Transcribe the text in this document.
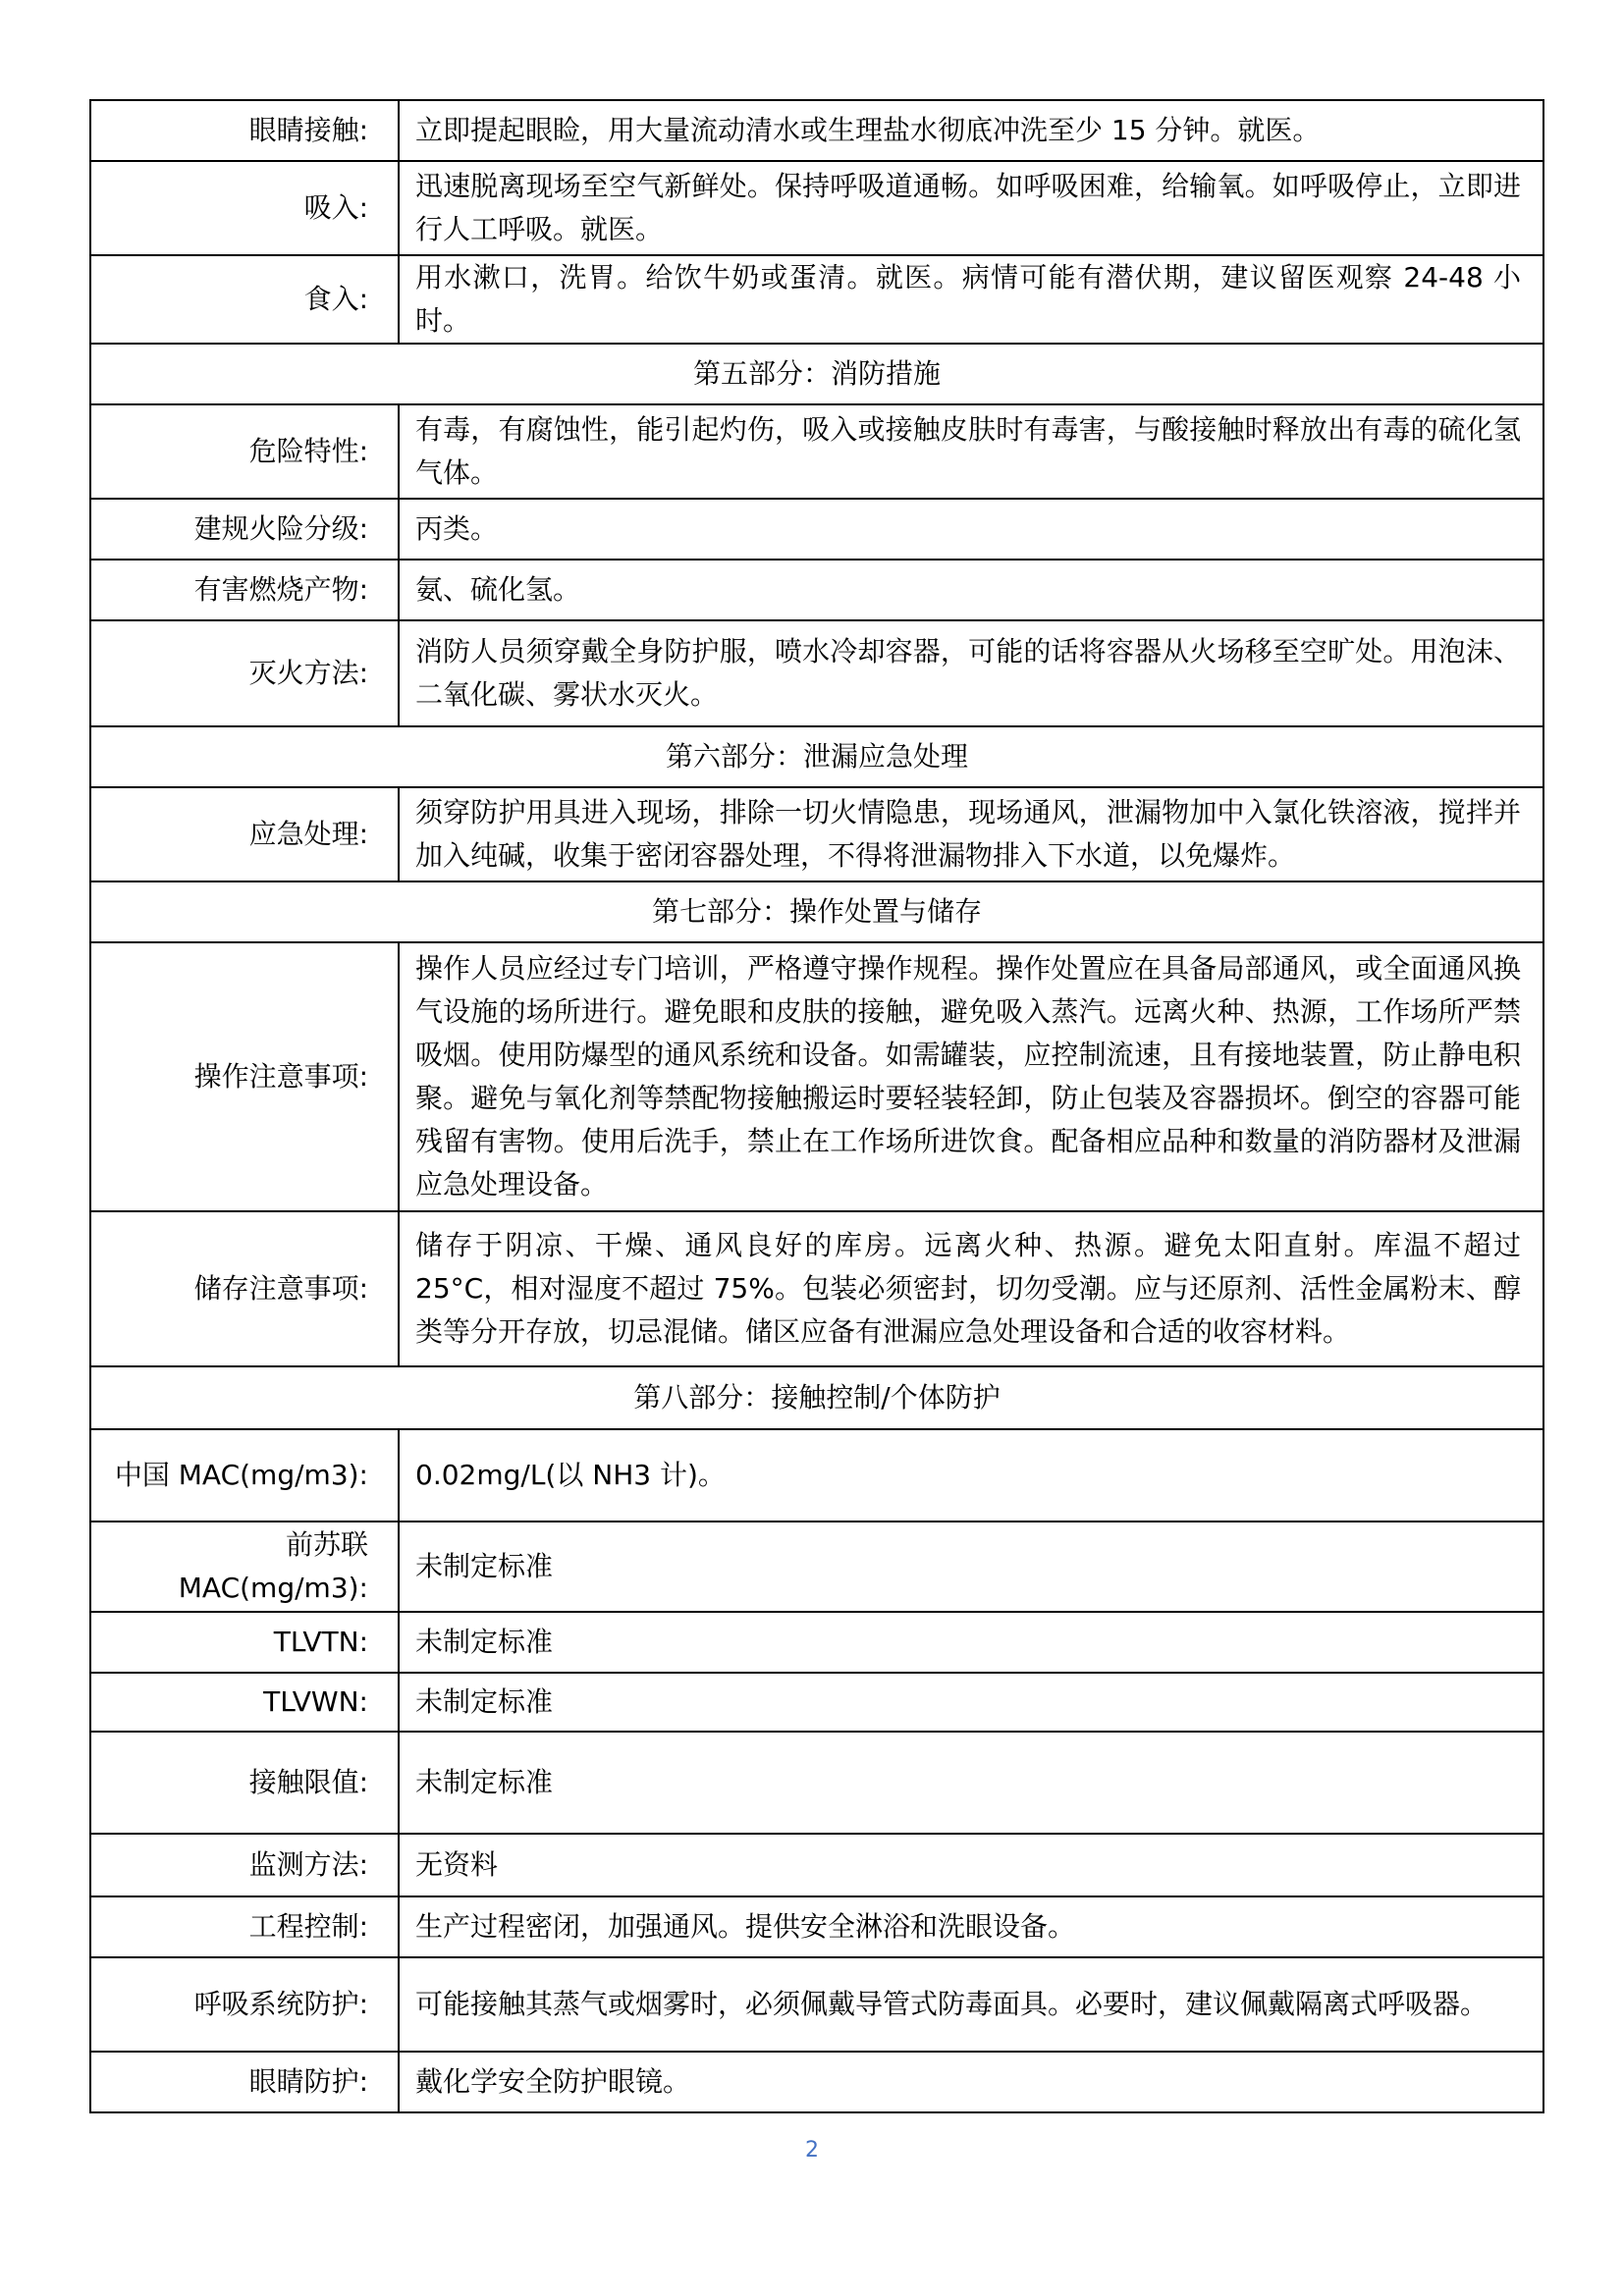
眼睛接触:	立即提起眼睑，用大量流动清水或生理盐水彻底冲洗至少 15 分钟。就医。
吸入:	迅速脱离现场至空气新鲜处。保持呼吸道通畅。如呼吸困难，给输氧。如呼吸停止，立即进行人工呼吸。就医。
食入:	用水漱口，洗胃。给饮牛奶或蛋清。就医。病情可能有潜伏期，建议留医观察 24-48 小时。
第五部分：消防措施	
危险特性:	有毒，有腐蚀性，能引起灼伤，吸入或接触皮肤时有毒害，与酸接触时释放出有毒的硫化氢气体。
建规火险分级:	丙类。
有害燃烧产物:	氨、硫化氢。
灭火方法:	消防人员须穿戴全身防护服，喷水冷却容器，可能的话将容器从火场移至空旷处。用泡沫、二氧化碳、雾状水灭火。
第六部分：泄漏应急处理	
应急处理:	须穿防护用具进入现场，排除一切火情隐患，现场通风，泄漏物加中入氯化铁溶液，搅拌并加入纯碱，收集于密闭容器处理，不得将泄漏物排入下水道，以免爆炸。
第七部分：操作处置与储存	
操作注意事项:	操作人员应经过专门培训，严格遵守操作规程。操作处置应在具备局部通风，或全面通风换气设施的场所进行。避免眼和皮肤的接触，避免吸入蒸汽。远离火种、热源，工作场所严禁吸烟。使用防爆型的通风系统和设备。如需罐装，应控制流速，且有接地装置，防止静电积聚。避免与氧化剂等禁配物接触搬运时要轻装轻卸，防止包装及容器损坏。倒空的容器可能残留有害物。使用后洗手，禁止在工作场所进饮食。配备相应品种和数量的消防器材及泄漏应急处理设备。
储存注意事项:	储存于阴凉、干燥、通风良好的库房。远离火种、热源。避免太阳直射。库温不超过 25°C，相对湿度不超过 75%。包装必须密封，切勿受潮。应与还原剂、活性金属粉末、醇类等分开存放，切忌混储。储区应备有泄漏应急处理设备和合适的收容材料。
第八部分：接触控制/个体防护	
中国 MAC(mg/m3):	0.02mg/L(以 NH3 计)。
前苏联 MAC(mg/m3):	未制定标准
TLVTN:	未制定标准
TLVWN:	未制定标准
接触限值:	未制定标准
监测方法:	无资料
工程控制:	生产过程密闭，加强通风。提供安全淋浴和洗眼设备。
呼吸系统防护:	可能接触其蒸气或烟雾时，必须佩戴导管式防毒面具。必要时，建议佩戴隔离式呼吸器。
眼睛防护:	戴化学安全防护眼镜。
2
